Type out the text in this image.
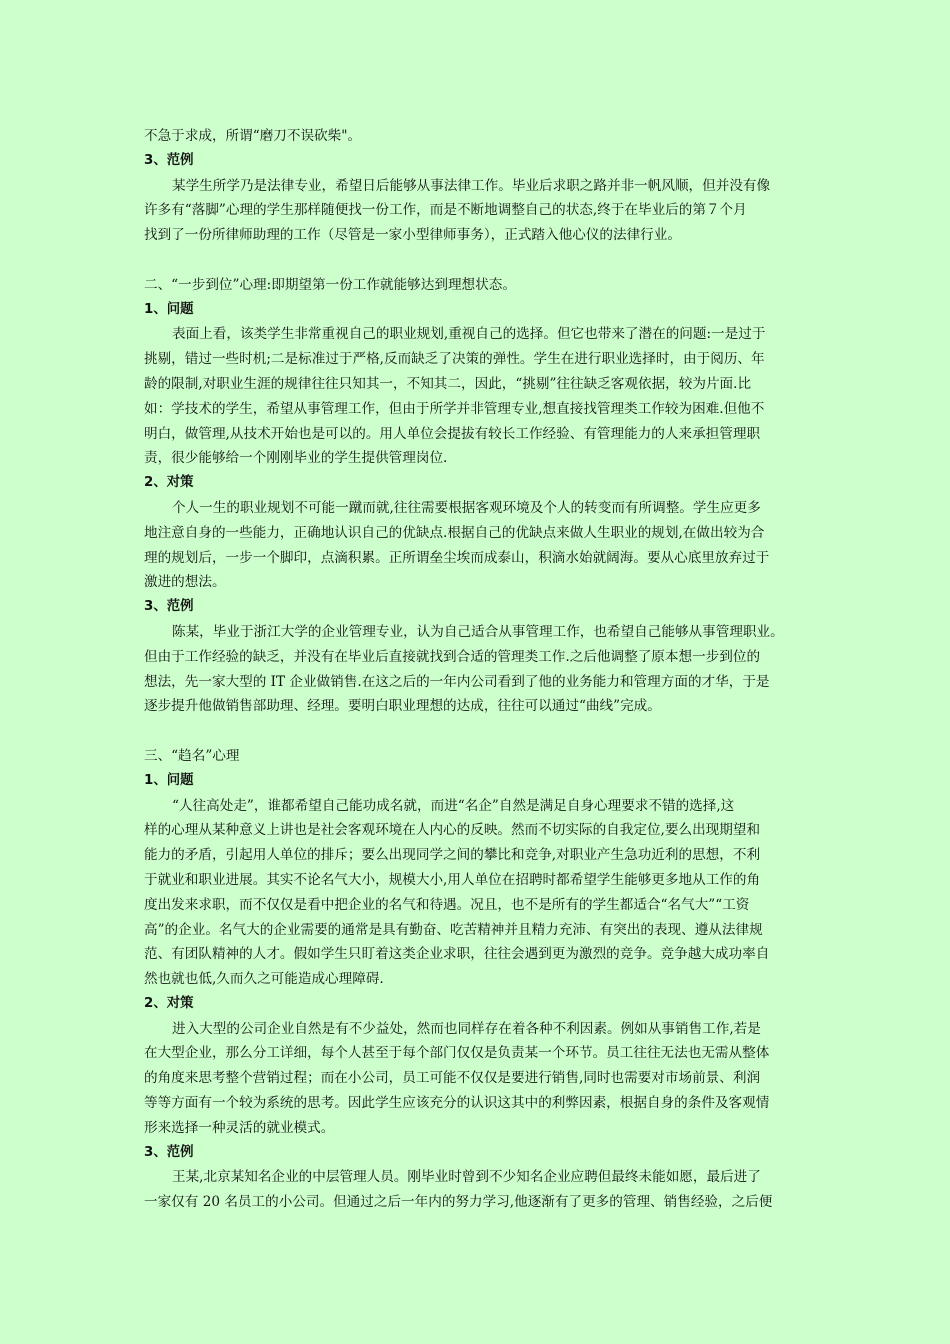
不急于求成，所谓“磨刀不误砍柴"。
3、范例
某学生所学乃是法律专业，希望日后能够从事法律工作。毕业后求职之路并非一帆风顺，但并没有像
许多有“落脚”心理的学生那样随便找一份工作，而是不断地调整自己的状态,终于在毕业后的第７个月
找到了一份所律师助理的工作（尽管是一家小型律师事务），正式踏入他心仪的法律行业。
二、“一步到位”心理:即期望第一份工作就能够达到理想状态。
1、问题
表面上看，该类学生非常重视自己的职业规划,重视自己的选择。但它也带来了潜在的问题:一是过于
挑剔，错过一些时机;二是标准过于严格,反而缺乏了决策的弹性。学生在进行职业选择时，由于阅历、年
龄的限制,对职业生涯的规律往往只知其一，不知其二，因此，“挑剔”往往缺乏客观依据，较为片面.比
如：学技术的学生，希望从事管理工作，但由于所学并非管理专业,想直接找管理类工作较为困难.但他不
明白，做管理,从技术开始也是可以的。用人单位会提拔有较长工作经验、有管理能力的人来承担管理职
责，很少能够给一个刚刚毕业的学生提供管理岗位.
2、对策
个人一生的职业规划不可能一蹴而就,往往需要根据客观环境及个人的转变而有所调整。学生应更多
地注意自身的一些能力，正确地认识自己的优缺点.根据自己的优缺点来做人生职业的规划,在做出较为合
理的规划后，一步一个脚印，点滴积累。正所谓垒尘埃而成泰山，积滴水始就阔海。要从心底里放弃过于
激进的想法。
3、范例
陈某，毕业于浙江大学的企业管理专业，认为自己适合从事管理工作，也希望自己能够从事管理职业。
但由于工作经验的缺乏，并没有在毕业后直接就找到合适的管理类工作.之后他调整了原本想一步到位的
想法，先一家大型的 IT 企业做销售.在这之后的一年内公司看到了他的业务能力和管理方面的才华，于是
逐步提升他做销售部助理、经理。要明白职业理想的达成，往往可以通过“曲线”完成。
三、“趋名”心理
1、问题
“人往高处走”，谁都希望自己能功成名就，而进“名企”自然是满足自身心理要求不错的选择,这
样的心理从某种意义上讲也是社会客观环境在人内心的反映。然而不切实际的自我定位,要么出现期望和
能力的矛盾，引起用人单位的排斥；要么出现同学之间的攀比和竞争,对职业产生急功近利的思想，不利
于就业和职业进展。其实不论名气大小，规模大小,用人单位在招聘时都希望学生能够更多地从工作的角
度出发来求职，而不仅仅是看中把企业的名气和待遇。况且，也不是所有的学生都适合“名气大”“工资
高”的企业。名气大的企业需要的通常是具有勤奋、吃苦精神并且精力充沛、有突出的表现、遵从法律规
范、有团队精神的人才。假如学生只盯着这类企业求职，往往会遇到更为激烈的竞争。竞争越大成功率自
然也就也低,久而久之可能造成心理障碍.
2、对策
进入大型的公司企业自然是有不少益处，然而也同样存在着各种不利因素。例如从事销售工作,若是
在大型企业，那么分工详细，每个人甚至于每个部门仅仅是负责某一个环节。员工往往无法也无需从整体
的角度来思考整个营销过程；而在小公司，员工可能不仅仅是要进行销售,同时也需要对市场前景、利润
等等方面有一个较为系统的思考。因此学生应该充分的认识这其中的利弊因素，根据自身的条件及客观情
形来选择一种灵活的就业模式。
3、范例
王某,北京某知名企业的中层管理人员。刚毕业时曾到不少知名企业应聘但最终未能如愿，最后进了
一家仅有 20 名员工的小公司。但通过之后一年内的努力学习,他逐渐有了更多的管理、销售经验，之后便
